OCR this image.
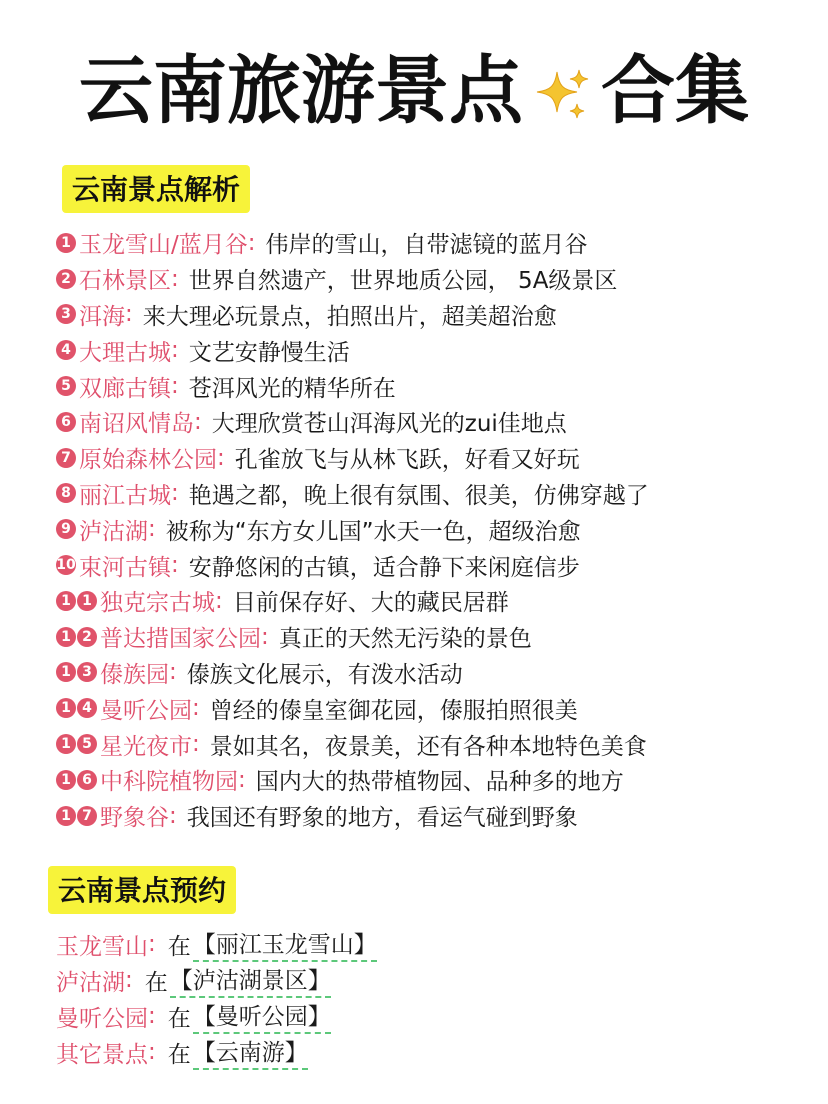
云南旅游景点 合集
云南景点解析
1 玉龙雪山/蓝月谷 : 伟岸的雪山，自带滤镜的蓝月谷
2 石林景区 : 世界自然遗产，世界地质公园， 5A级景区
3 洱海 : 来大理必玩景点，拍照出片，超美超治愈
4 大理古城 : 文艺安静慢生活
5 双廊古镇 : 苍洱风光的精华所在
6 南诏风情岛 : 大理欣赏苍山洱海风光的zui佳地点
7 原始森林公园 : 孔雀放飞与从林飞跃，好看又好玩
8 丽江古城 : 艳遇之都，晚上很有氛围、很美，仿佛穿越了
9 泸沽湖 : 被称为“东方女儿国”水天一色，超级治愈
10 束河古镇 : 安静悠闲的古镇，适合静下来闲庭信步
1 1 独克宗古城 : 目前保存好、大的藏民居群
1 2 普达措国家公园 : 真正的天然无污染的景色
1 3 傣族园 : 傣族文化展示，有泼水活动
1 4 曼听公园 : 曾经的傣皇室御花园，傣服拍照很美
1 5 星光夜市 : 景如其名，夜景美，还有各种本地特色美食
1 6 中科院植物园 : 国内大的热带植物园、品种多的地方
1 7 野象谷 : 我国还有野象的地方，看运气碰到野象
云南景点预约
玉龙雪山 : 在 【丽江玉龙雪山】
泸沽湖 : 在 【泸沽湖景区】
曼听公园 : 在 【曼听公园】
其它景点 : 在 【云南游】
